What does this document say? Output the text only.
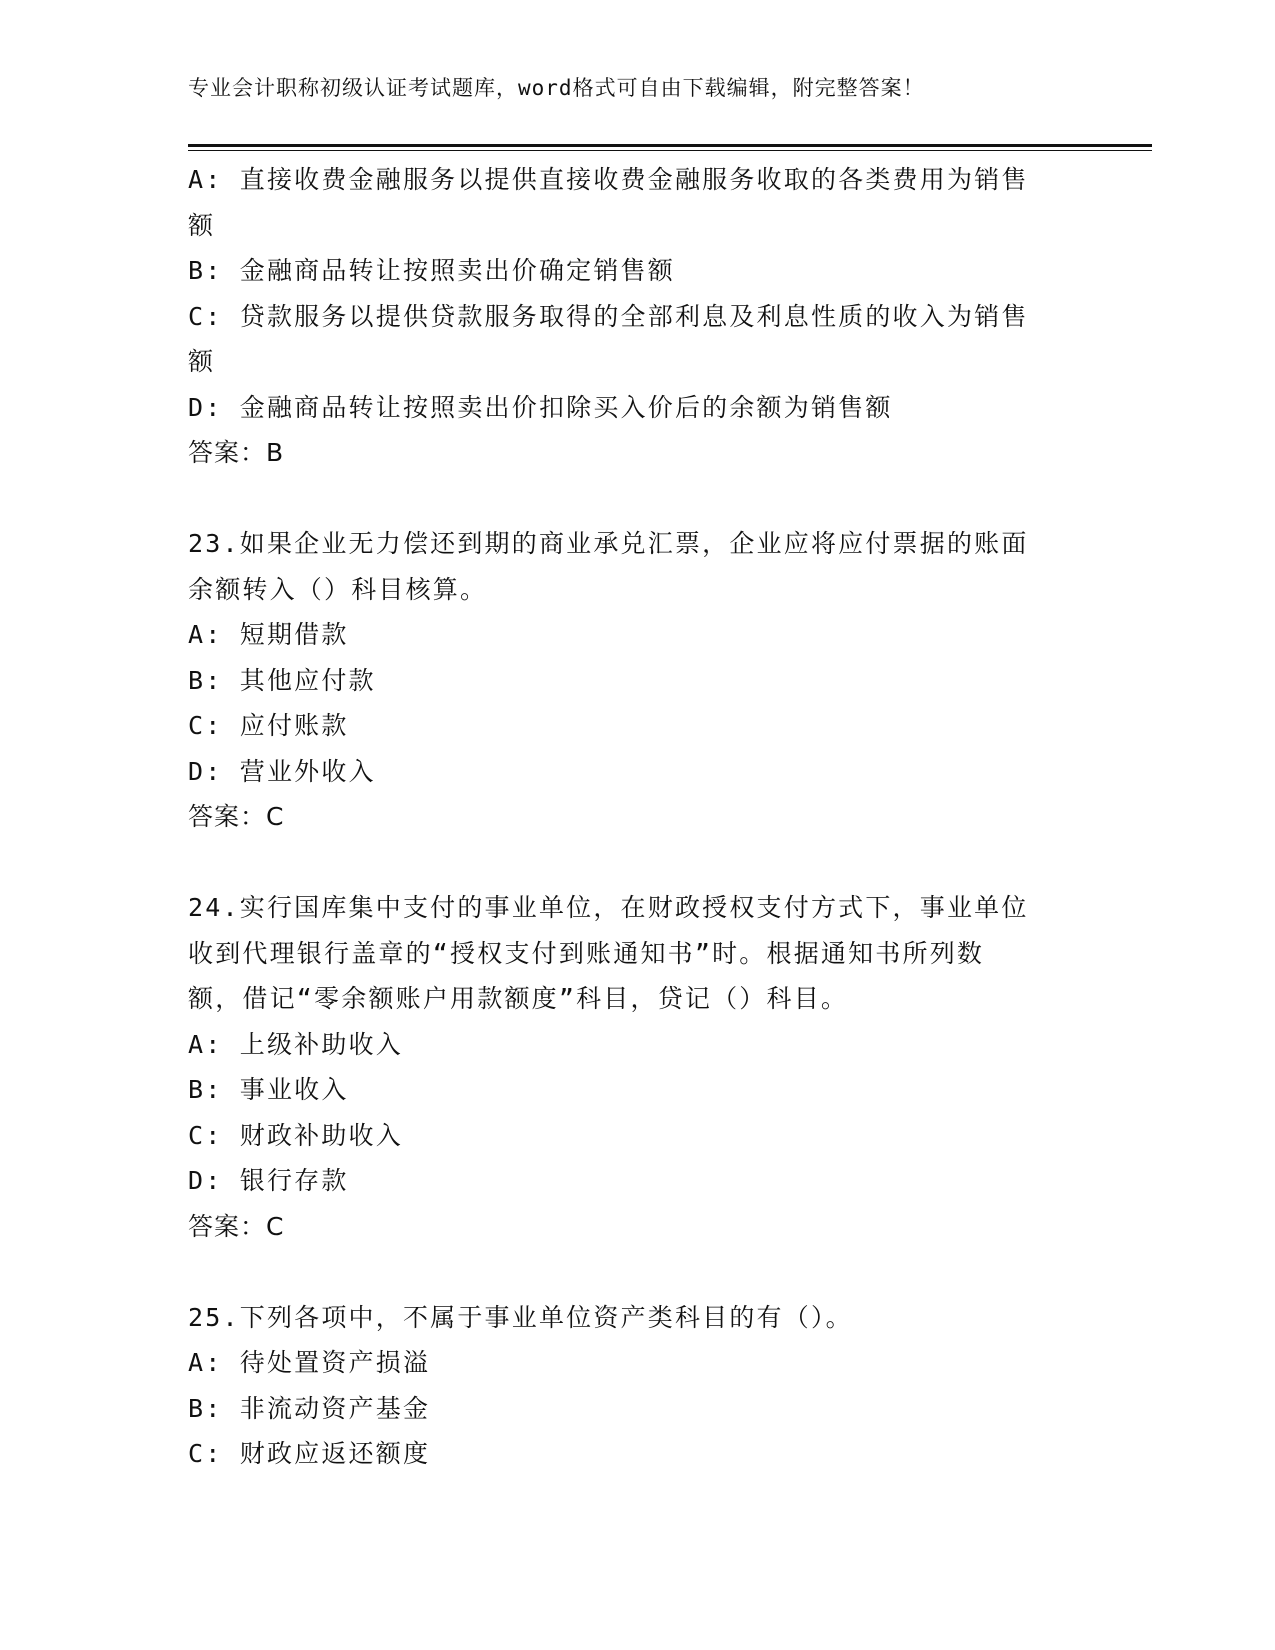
专业会计职称初级认证考试题库，word格式可自由下载编辑，附完整答案！
A: 直接收费金融服务以提供直接收费金融服务收取的各类费用为销售
额
B: 金融商品转让按照卖出价确定销售额
C: 贷款服务以提供贷款服务取得的全部利息及利息性质的收入为销售
额
D: 金融商品转让按照卖出价扣除买入价后的余额为销售额
答案：B
23.如果企业无力偿还到期的商业承兑汇票，企业应将应付票据的账面
余额转入（）科目核算。
A: 短期借款
B: 其他应付款
C: 应付账款
D: 营业外收入
答案：C
24.实行国库集中支付的事业单位，在财政授权支付方式下，事业单位
收到代理银行盖章的“授权支付到账通知书”时。根据通知书所列数
额，借记“零余额账户用款额度”科目，贷记（）科目。
A: 上级补助收入
B: 事业收入
C: 财政补助收入
D: 银行存款
答案：C
25.下列各项中，不属于事业单位资产类科目的有（）。
A: 待处置资产损溢
B: 非流动资产基金
C: 财政应返还额度
